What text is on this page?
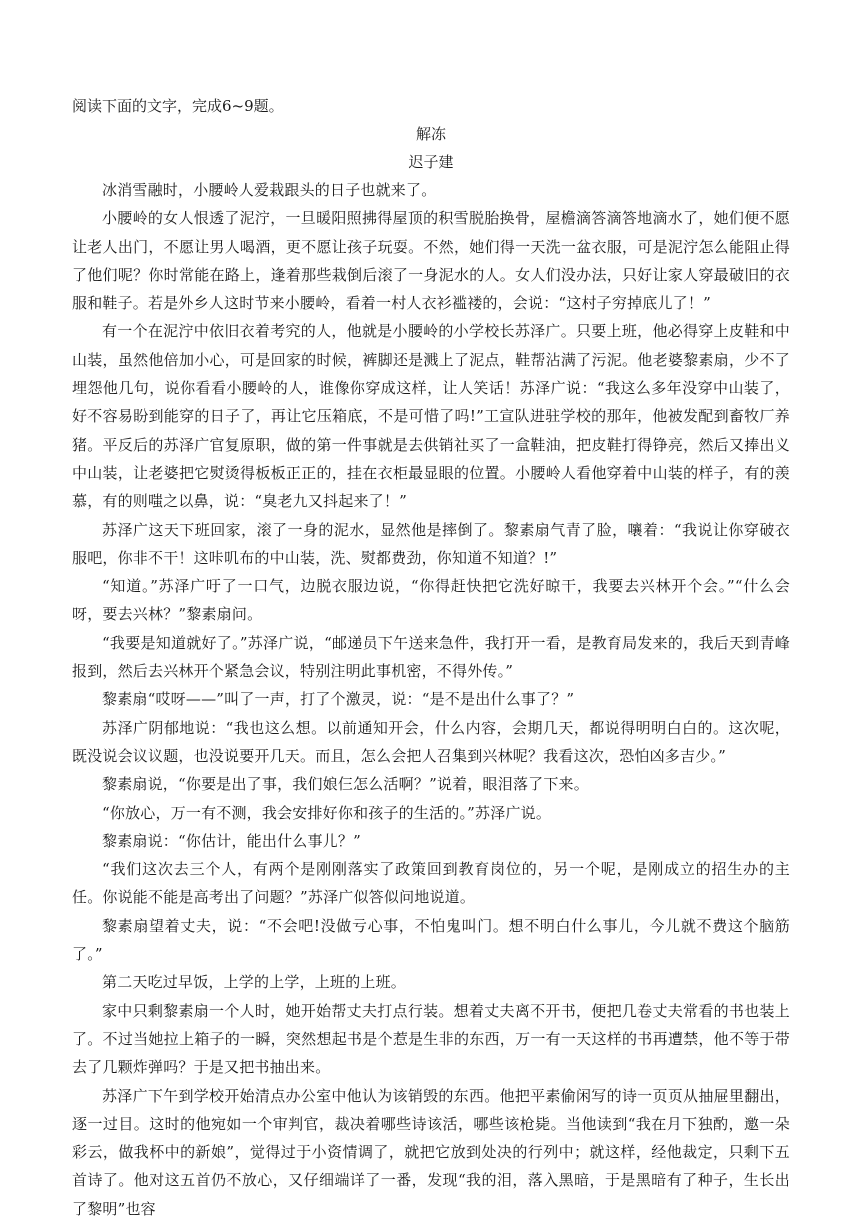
阅读下面的文字，完成6~9题。

解冻

迟子建

冰消雪融时，小腰岭人爱栽跟头的日子也就来了。

小腰岭的女人恨透了泥泞，一旦暖阳照拂得屋顶的积雪脱胎换骨，屋檐滴答滴答地滴水了，她们便不愿让老人出门，不愿让男人喝酒，更不愿让孩子玩耍。不然，她们得一天洗一盆衣服，可是泥泞怎么能阻止得了他们呢？你时常能在路上，逢着那些栽倒后滚了一身泥水的人。女人们没办法，只好让家人穿最破旧的衣服和鞋子。若是外乡人这时节来小腰岭，看着一村人衣衫褴褛的，会说：“这村子穷掉底儿了！”

有一个在泥泞中依旧衣着考究的人，他就是小腰岭的小学校长苏泽广。只要上班，他必得穿上皮鞋和中山装，虽然他倍加小心，可是回家的时候，裤脚还是溅上了泥点，鞋帮沾满了污泥。他老婆黎素扇，少不了埋怨他几句，说你看看小腰岭的人，谁像你穿成这样，让人笑话！苏泽广说：“我这么多年没穿中山装了，好不容易盼到能穿的日子了，再让它压箱底，不是可惜了吗!”工宣队进驻学校的那年，他被发配到畜牧厂养猪。平反后的苏泽广官复原职，做的第一件事就是去供销社买了一盒鞋油，把皮鞋打得铮亮，然后又捧出义中山装，让老婆把它熨烫得板板正正的，挂在衣柜最显眼的位置。小腰岭人看他穿着中山装的样子，有的羡慕，有的则嗤之以鼻，说：“臭老九又抖起来了！”

苏泽广这天下班回家，滚了一身的泥水，显然他是摔倒了。黎素扇气青了脸，嚷着：“我说让你穿破衣服吧，你非不干！这咔叽布的中山装，洗、熨都费劲，你知道不知道？!”

“知道。”苏泽广吁了一口气，边脱衣服边说，“你得赶快把它洗好晾干，我要去兴林开个会。”“什么会呀，要去兴林？”黎素扇问。

“我要是知道就好了。”苏泽广说，“邮递员下午送来急件，我打开一看，是教育局发来的，我后天到青峰报到，然后去兴林开个紧急会议，特别注明此事机密，不得外传。”

黎素扇“哎呀——”叫了一声，打了个激灵，说：“是不是出什么事了？”

苏泽广阴郁地说：“我也这么想。以前通知开会，什么内容，会期几天，都说得明明白白的。这次呢，既没说会议议题，也没说要开几天。而且，怎么会把人召集到兴林呢？我看这次，恐怕凶多吉少。”

黎素扇说，“你要是出了事，我们娘仨怎么活啊？”说着，眼泪落了下来。

“你放心，万一有不测，我会安排好你和孩子的生活的。”苏泽广说。

黎素扇说：“你估计，能出什么事儿？”

“我们这次去三个人，有两个是刚刚落实了政策回到教育岗位的，另一个呢，是刚成立的招生办的主任。你说能不能是高考出了问题？”苏泽广似答似问地说道。

黎素扇望着丈夫，说：“不会吧!没做亏心事，不怕鬼叫门。想不明白什么事儿，今儿就不费这个脑筋了。”

第二天吃过早饭，上学的上学，上班的上班。

家中只剩黎素扇一个人时，她开始帮丈夫打点行装。想着丈夫离不开书，便把几卷丈夫常看的书也装上了。不过当她拉上箱子的一瞬，突然想起书是个惹是生非的东西，万一有一天这样的书再遭禁，他不等于带去了几颗炸弹吗？于是又把书抽出来。

苏泽广下午到学校开始清点办公室中他认为该销毁的东西。他把平素偷闲写的诗一页页从抽屉里翻出，逐一过目。这时的他宛如一个审判官，裁决着哪些诗该活，哪些该枪毙。当他读到“我在月下独酌，邀一朵彩云，做我杯中的新娘”，觉得过于小资情调了，就把它放到处决的行列中；就这样，经他裁定，只剩下五首诗了。他对这五首仍不放心，又仔细端详了一番，发现“我的泪，落入黑暗，于是黑暗有了种子，生长出了黎明”也容
